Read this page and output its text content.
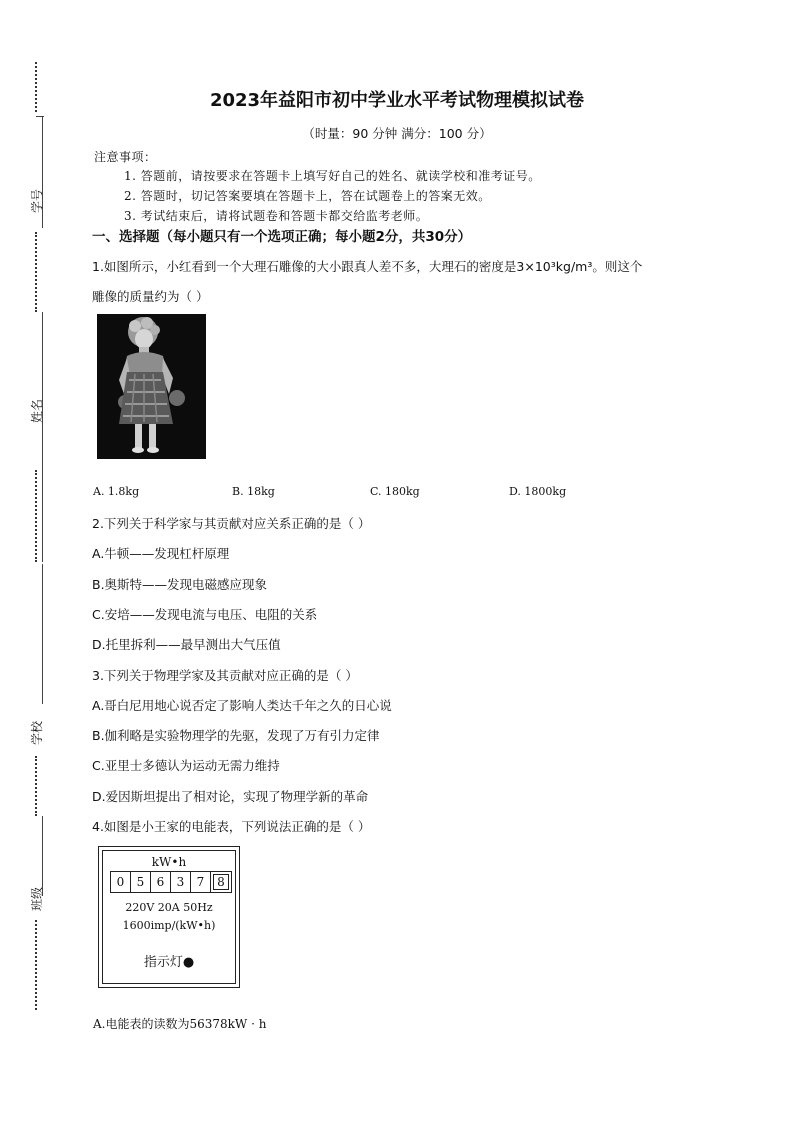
学号
姓名
学校
班级
2023年益阳市初中学业水平考试物理模拟试卷
（时量：90 分钟 满分：100 分）
注意事项：
1. 答题前，请按要求在答题卡上填写好自己的姓名、就读学校和准考证号。
2. 答题时，切记答案要填在答题卡上，答在试题卷上的答案无效。
3. 考试结束后，请将试题卷和答题卡都交给监考老师。
一、选择题（每小题只有一个选项正确；每小题2分，共30分）
1.如图所示，小红看到一个大理石雕像的大小跟真人差不多，大理石的密度是3×10³kg/m³。则这个
雕像的质量约为（ ）
A. 1.8kg	B. 18kg	C. 180kg	D. 1800kg
2.下列关于科学家与其贡献对应关系正确的是（ ）
A.牛顿——发现杠杆原理
B.奥斯特——发现电磁感应现象
C.安培——发现电流与电压、电阻的关系
D.托里拆利——最早测出大气压值
3.下列关于物理学家及其贡献对应正确的是（ ）
A.哥白尼用地心说否定了影响人类达千年之久的日心说
B.伽利略是实验物理学的先驱，发现了万有引力定律
C.亚里士多德认为运动无需力维持
D.爱因斯坦提出了相对论，实现了物理学新的革命
4.如图是小王家的电能表，下列说法正确的是（ ）
kW•h
0	5	6	3	7	8
220V 20A 50Hz
1600imp/(kW•h)
指示灯●
A.电能表的读数为56378kW · h
